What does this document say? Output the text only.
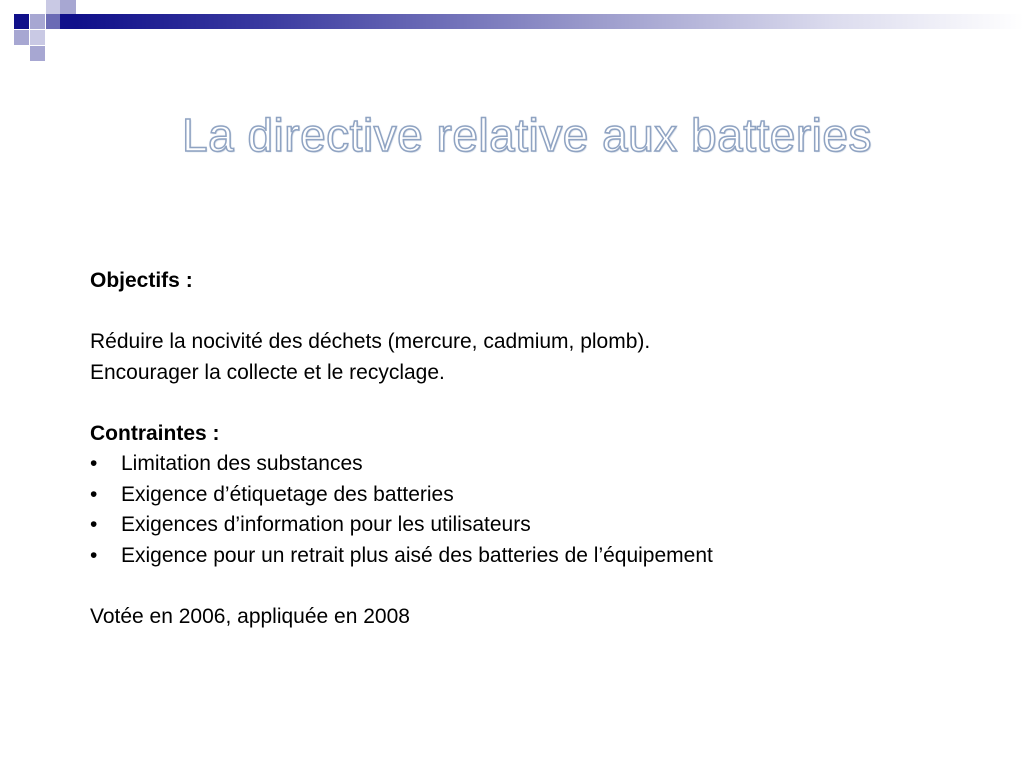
La directive relative aux batteries

Objectifs :

Réduire la nocivité des déchets (mercure, cadmium, plomb).

Encourager la collecte et le recyclage.

Contraintes :

• Limitation des substances
• Exigence d’étiquetage des batteries
• Exigences d’information pour les utilisateurs
• Exigence pour un retrait plus aisé des batteries de l’équipement

Votée en 2006, appliquée en 2008
